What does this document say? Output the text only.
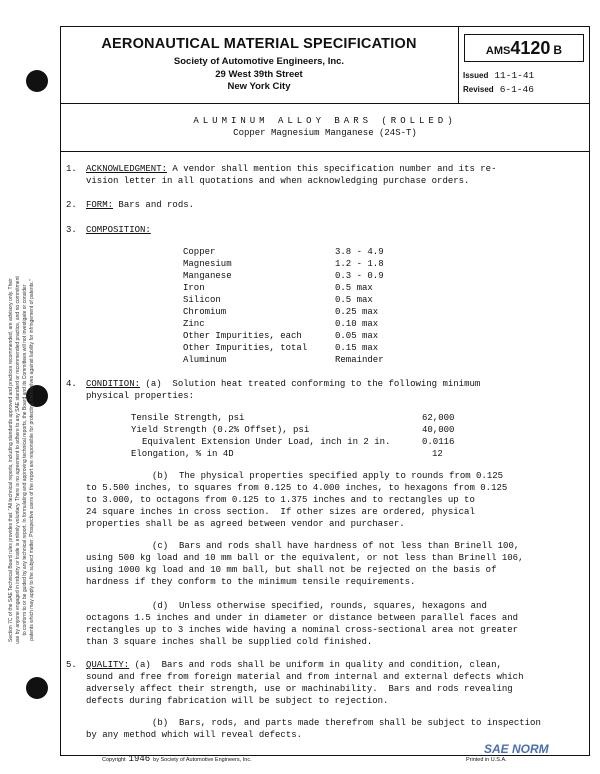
Section 7C of the SAE Technical Board rules provides that: "All technical reports, including standards approved and practices recommended, are advisory only. Their use by anyone engaged in industry or trade is entirely voluntary. There is no agreement to adhere to any SAE standard or recommended practice, and no commitment to conform to or be guided by any technical report. In formulating and approving technical reports, the Board and its Committees will not investigate or consider patents which may apply to the subject matter. Prospective users of the report are responsible for protecting themselves against liability for infringement of patents."
AERONAUTICAL MATERIAL SPECIFICATION
Society of Automotive Engineers, Inc.
29 West 39th Street
New York City
AMS4120 B
Issued 11-1-41
Revised 6-1-46
ALUMINUM ALLOY BARS (ROLLED)
Copper Magnesium Manganese (24S-T)
1. ACKNOWLEDGMENT: A vendor shall mention this specification number and its re-
vision letter in all quotations and when acknowledging purchase orders.
2. FORM: Bars and rods.
3. COMPOSITION:
Copper	3.8 - 4.9
Magnesium	1.2 - 1.8
Manganese	0.3 - 0.9
Iron	0.5 max
Silicon	0.5 max
Chromium	0.25 max
Zinc	0.10 max
Other Impurities, each	0.05 max
Other Impurities, total	0.15 max
Aluminum	Remainder
4. CONDITION: (a)  Solution heat treated conforming to the following minimum
physical properties:
Tensile Strength, psi	62,000
Yield Strength (0.2% Offset), psi	40,000
Equivalent Extension Under Load, inch in 2 in.	0.0116
Elongation, % in 4D	12
(b)  The physical properties specified apply to rounds from 0.125
to 5.500 inches, to squares from 0.125 to 4.000 inches, to hexagons from 0.125
to 3.000, to octagons from 0.125 to 1.375 inches and to rectangles up to
24 square inches in cross section.  If other sizes are ordered, physical
properties shall be as agreed between vendor and purchaser.
(c)  Bars and rods shall have hardness of not less than Brinell 100,
using 500 kg load and 10 mm ball or the equivalent, or not less than Brinell 106,
using 1000 kg load and 10 mm ball, but shall not be rejected on the basis of
hardness if they conform to the minimum tensile requirements.
(d)  Unless otherwise specified, rounds, squares, hexagons and
octagons 1.5 inches and under in diameter or distance between parallel faces and
rectangles up to 3 inches wide having a nominal cross-sectional area not greater
than 3 square inches shall be supplied cold finished.
5. QUALITY: (a)  Bars and rods shall be uniform in quality and condition, clean,
sound and free from foreign material and from internal and external defects which
adversely affect their strength, use or machinability.  Bars and rods revealing
defects during fabrication will be subject to rejection.
(b)  Bars, rods, and parts made therefrom shall be subject to inspection
by any method which will reveal defects.
Copyright 1946 by Society of Automotive Engineers, Inc.
SAE NORM
Printed in U.S.A.
